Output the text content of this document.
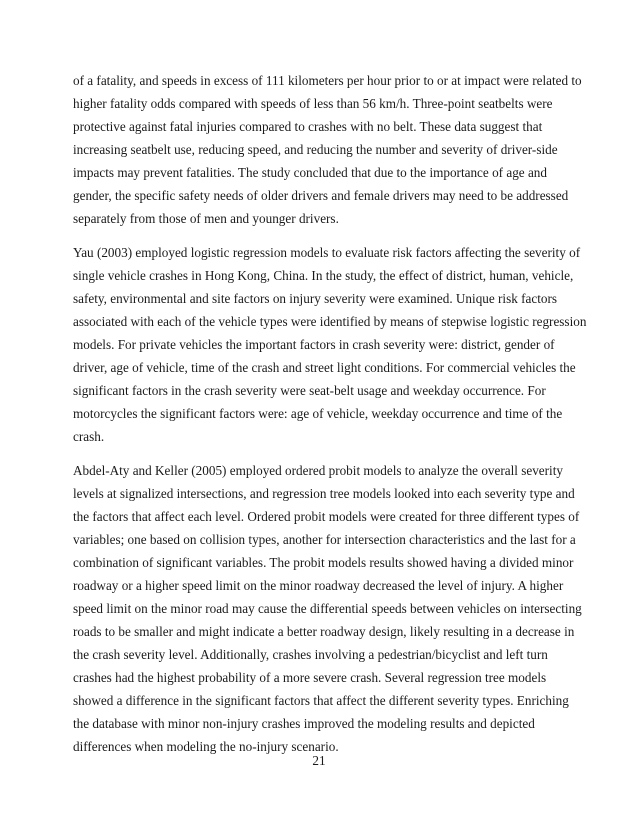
of a fatality, and speeds in excess of 111 kilometers per hour prior to or at impact were related to
higher fatality odds compared with speeds of less than 56 km/h. Three-point seatbelts were
protective against fatal injuries compared to crashes with no belt. These data suggest that
increasing seatbelt use, reducing speed, and reducing the number and severity of driver-side
impacts may prevent fatalities. The study concluded that due to the importance of age and
gender, the specific safety needs of older drivers and female drivers may need to be addressed
separately from those of men and younger drivers.
Yau (2003) employed logistic regression models to evaluate risk factors affecting the severity of
single vehicle crashes in Hong Kong, China. In the study, the effect of district, human, vehicle,
safety, environmental and site factors on injury severity were examined. Unique risk factors
associated with each of the vehicle types were identified by means of stepwise logistic regression
models. For private vehicles the important factors in crash severity were: district, gender of
driver, age of vehicle, time of the crash and street light conditions. For commercial vehicles the
significant factors in the crash severity were seat-belt usage and weekday occurrence. For
motorcycles the significant factors were: age of vehicle, weekday occurrence and time of the
crash.
Abdel-Aty and Keller (2005) employed ordered probit models to analyze the overall severity
levels at signalized intersections, and regression tree models looked into each severity type and
the factors that affect each level. Ordered probit models were created for three different types of
variables; one based on collision types, another for intersection characteristics and the last for a
combination of significant variables. The probit models results showed having a divided minor
roadway or a higher speed limit on the minor roadway decreased the level of injury. A higher
speed limit on the minor road may cause the differential speeds between vehicles on intersecting
roads to be smaller and might indicate a better roadway design, likely resulting in a decrease in
the crash severity level. Additionally, crashes involving a pedestrian/bicyclist and left turn
crashes had the highest probability of a more severe crash. Several regression tree models
showed a difference in the significant factors that affect the different severity types. Enriching
the database with minor non-injury crashes improved the modeling results and depicted
differences when modeling the no-injury scenario.
21
